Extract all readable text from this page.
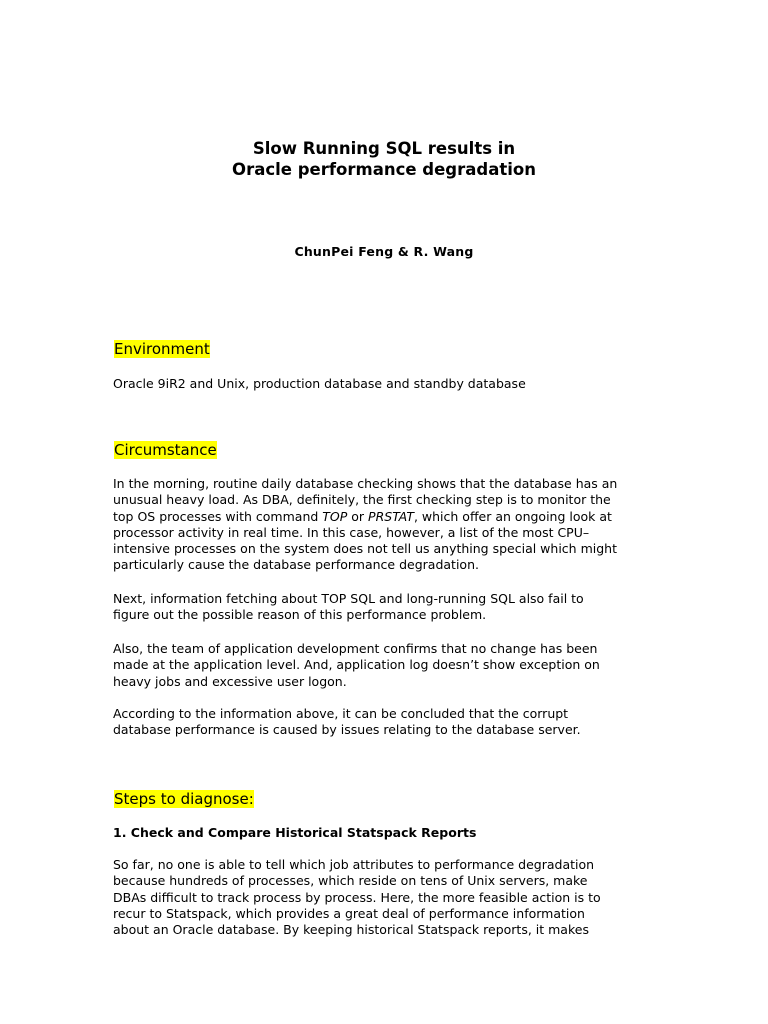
Slow Running SQL results in
Oracle performance degradation
ChunPei Feng & R. Wang
Environment

Oracle 9iR2 and Unix, production database and standby database

Circumstance

In the morning, routine daily database checking shows that the database has an
unusual heavy load. As DBA, definitely, the first checking step is to monitor the
top OS processes with command TOP or PRSTAT, which offer an ongoing look at
processor activity in real time. In this case, however, a list of the most CPU–
intensive processes on the system does not tell us anything special which might
particularly cause the database performance degradation.

Next, information fetching about TOP SQL and long-running SQL also fail to
figure out the possible reason of this performance problem.

Also, the team of application development confirms that no change has been
made at the application level. And, application log doesn’t show exception on
heavy jobs and excessive user logon.

According to the information above, it can be concluded that the corrupt
database performance is caused by issues relating to the database server.

Steps to diagnose:
1. Check and Compare Historical Statspack Reports

So far, no one is able to tell which job attributes to performance degradation
because hundreds of processes, which reside on tens of Unix servers, make
DBAs difficult to track process by process. Here, the more feasible action is to
recur to Statspack, which provides a great deal of performance information
about an Oracle database. By keeping historical Statspack reports, it makes
